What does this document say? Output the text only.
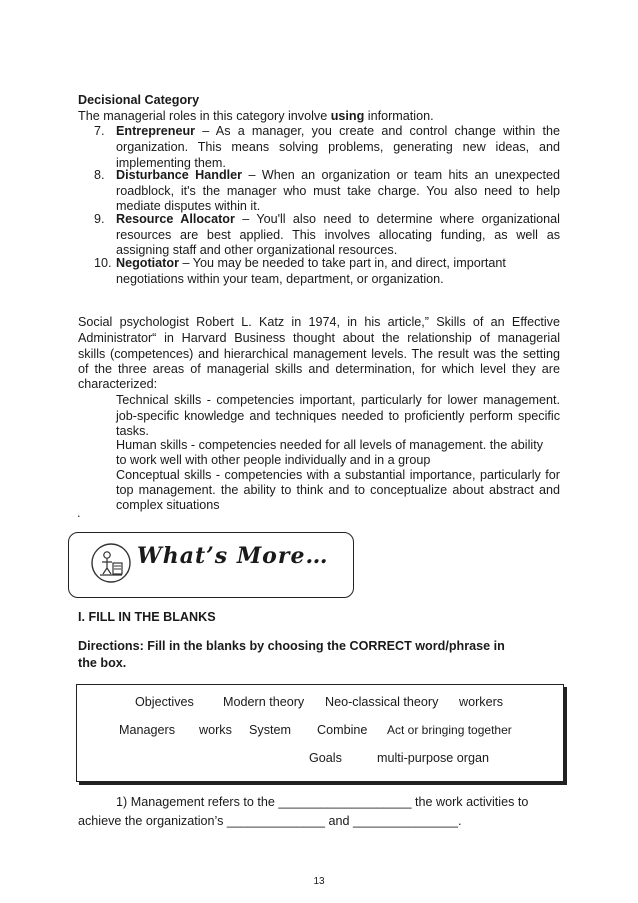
Decisional Category
The managerial roles in this category involve using information.
7. Entrepreneur – As a manager, you create and control change within the
organization. This means solving problems, generating new ideas, and
implementing them.
8. Disturbance Handler – When an organization or team hits an unexpected
roadblock, it's the manager who must take charge. You also need to help
mediate disputes within it.
9. Resource Allocator – You'll also need to determine where organizational
resources are best applied. This involves allocating funding, as well as
assigning staff and other organizational resources.
10. Negotiator – You may be needed to take part in, and direct, important
negotiations within your team, department, or organization.
Social psychologist Robert L. Katz in 1974, in his article,” Skills of an Effective
Administrator“ in Harvard Business thought about the relationship of managerial
skills (competences) and hierarchical management levels. The result was the setting
of the three areas of managerial skills and determination, for which level they are
characterized:
Technical skills - competencies important, particularly for lower management.
job-specific knowledge and techniques needed to proficiently perform specific
tasks.
Human skills - competencies needed for all levels of management. the ability
to work well with other people individually and in a group
Conceptual skills - competencies with a substantial importance, particularly for
top management. the ability to think and to conceptualize about abstract and
complex situations
.
What’s More…
I. FILL IN THE BLANKS
Directions: Fill in the blanks by choosing the CORRECT word/phrase in
the box.
Objectives Modern theory Neo-classical theory workers
Managers works System Combine Act or bringing together
Goals	multi-purpose organ
1) Management refers to the ___________________ the work activities to
achieve the organization’s ______________ and _______________.
13
